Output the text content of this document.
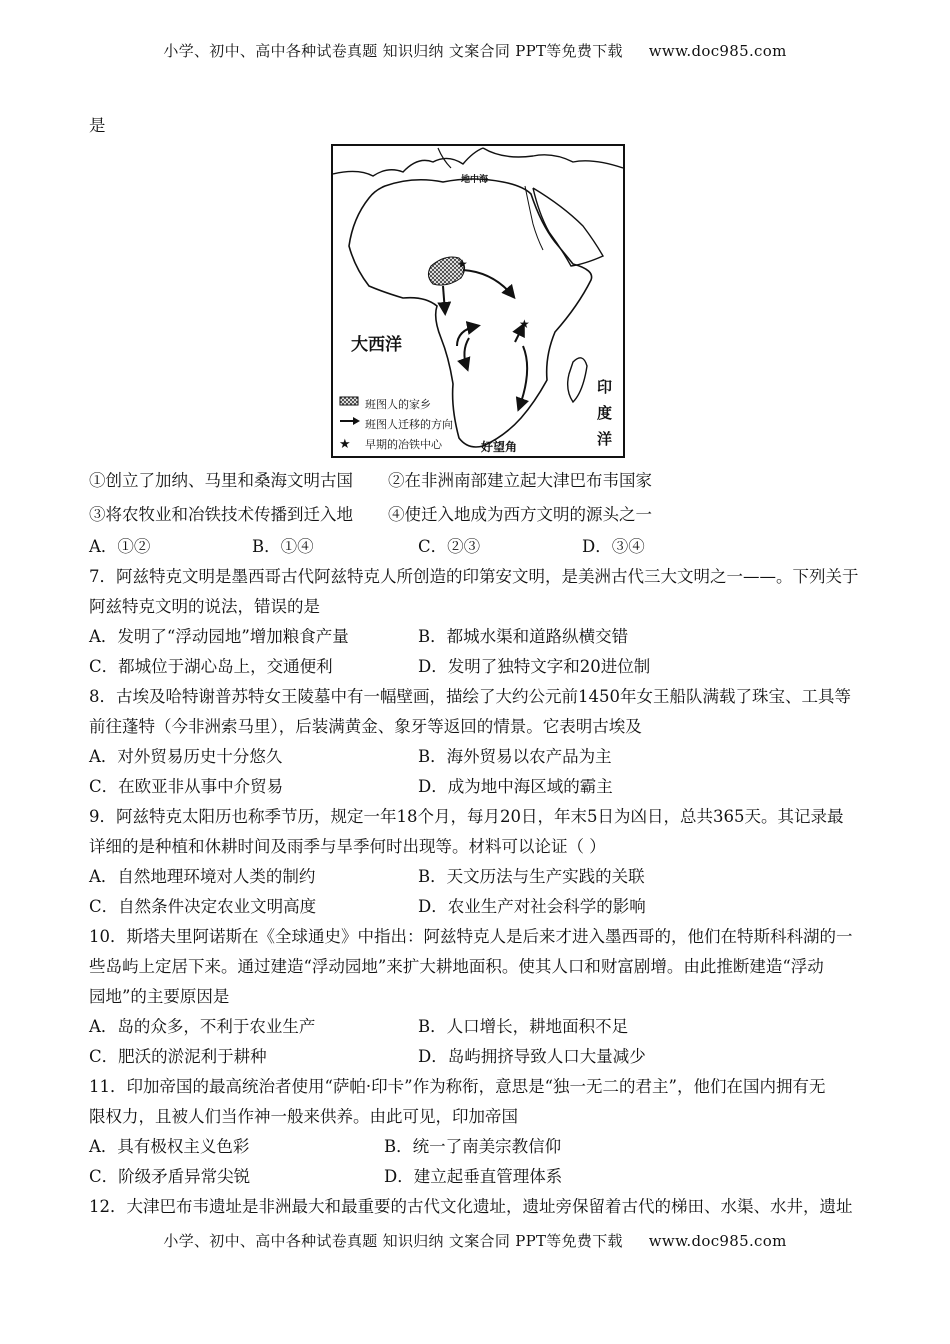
小学、初中、高中各种试卷真题 知识归纳 文案合同 PPT等免费下载 www.doc985.com
是
★
★
地中海
大西洋
印度洋
好望角
班图人的家乡
班图人迁移的方向
★	早期的冶铁中心
①创立了加纳、马里和桑海文明古国 ②在非洲南部建立起大津巴布韦国家
③将农牧业和冶铁技术传播到迁入地 ④使迁入地成为西方文明的源头之一
A．①②	B．①④	C．②③	D．③④
7．阿兹特克文明是墨西哥古代阿兹特克人所创造的印第安文明，是美洲古代三大文明之一——。下列关于
阿兹特克文明的说法，错误的是
A．发明了“浮动园地”增加粮食产量	B．都城水渠和道路纵横交错
C．都城位于湖心岛上，交通便利	D．发明了独特文字和20进位制
8．古埃及哈特谢普苏特女王陵墓中有一幅壁画，描绘了大约公元前1450年女王船队满载了珠宝、工具等
前往蓬特（今非洲索马里），后装满黄金、象牙等返回的情景。它表明古埃及
A．对外贸易历史十分悠久	B．海外贸易以农产品为主
C．在欧亚非从事中介贸易	D．成为地中海区域的霸主
9．阿兹特克太阳历也称季节历，规定一年18个月，每月20日，年末5日为凶日，总共365天。其记录最
详细的是种植和休耕时间及雨季与旱季何时出现等。材料可以论证（ ）
A．自然地理环境对人类的制约	B．天文历法与生产实践的关联
C．自然条件决定农业文明高度	D．农业生产对社会科学的影响
10．斯塔夫里阿诺斯在《全球通史》中指出：阿兹特克人是后来才进入墨西哥的，他们在特斯科科湖的一
些岛屿上定居下来。通过建造“浮动园地”来扩大耕地面积。使其人口和财富剧增。由此推断建造“浮动
园地”的主要原因是
A．岛的众多，不利于农业生产	B．人口增长，耕地面积不足
C．肥沃的淤泥利于耕种	D．岛屿拥挤导致人口大量减少
11．印加帝国的最高统治者使用“萨帕·印卡”作为称衔，意思是“独一无二的君主”，他们在国内拥有无
限权力，且被人们当作神一般来供养。由此可见，印加帝国
A．具有极权主义色彩	B．统一了南美宗教信仰
C．阶级矛盾异常尖锐	D．建立起垂直管理体系
12．大津巴布韦遗址是非洲最大和最重要的古代文化遗址，遗址旁保留着古代的梯田、水渠、水井，遗址
小学、初中、高中各种试卷真题 知识归纳 文案合同 PPT等免费下载 www.doc985.com
